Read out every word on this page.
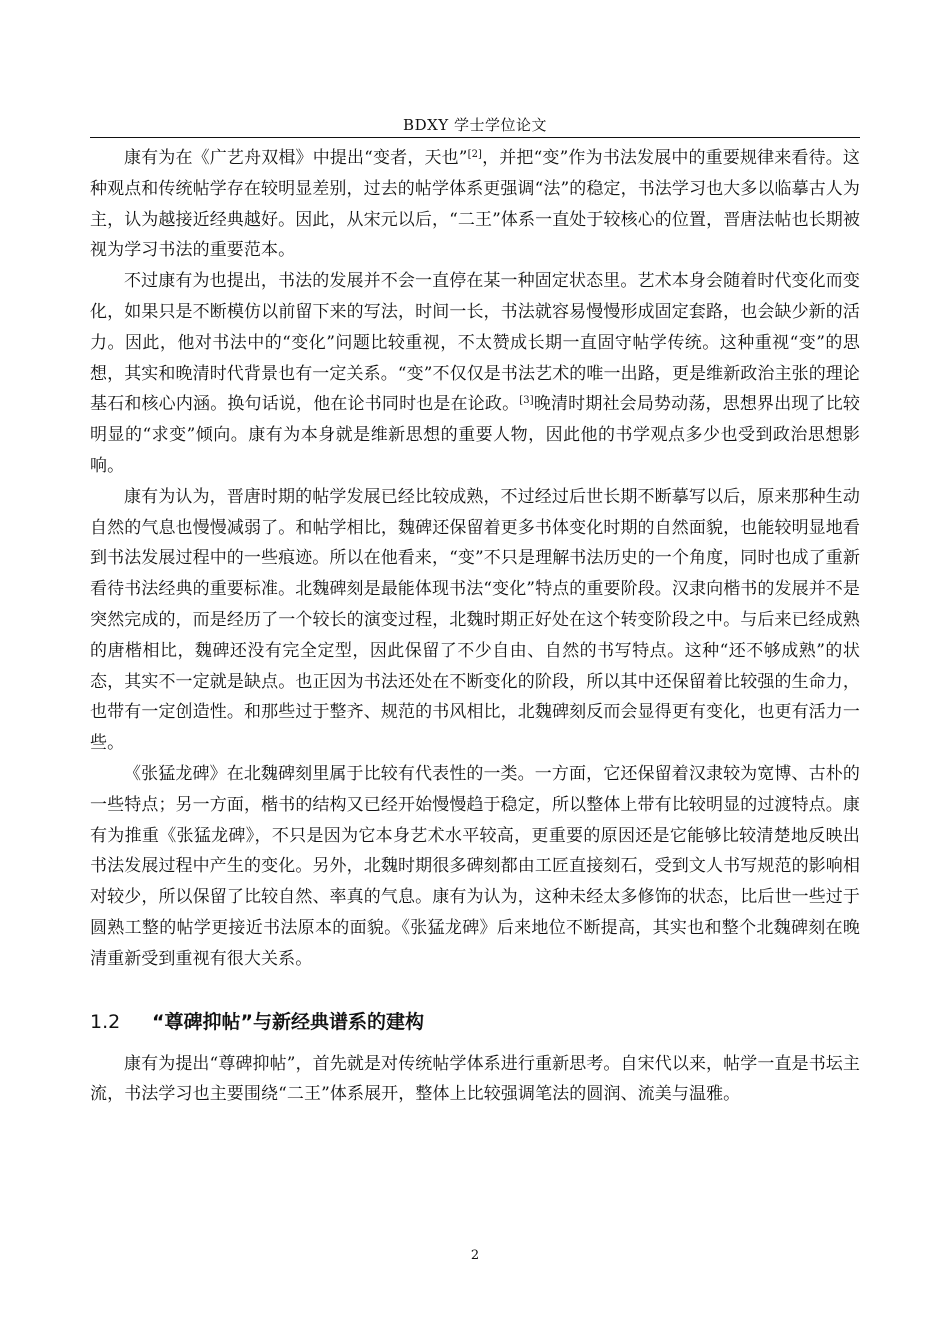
BDXY 学士学位论文

康有为在《广艺舟双楫》中提出“变者，天也”[2]，并把“变”作为书法发展中的重要规律来看待。这种观点和传统帖学存在较明显差别，过去的帖学体系更强调“法”的稳定，书法学习也大多以临摹古人为主，认为越接近经典越好。因此，从宋元以后，“二王”体系一直处于较核心的位置，晋唐法帖也长期被视为学习书法的重要范本。

不过康有为也提出，书法的发展并不会一直停在某一种固定状态里。艺术本身会随着时代变化而变化，如果只是不断模仿以前留下来的写法，时间一长，书法就容易慢慢形成固定套路，也会缺少新的活力。因此，他对书法中的“变化”问题比较重视，不太赞成长期一直固守帖学传统。这种重视“变”的思想，其实和晚清时代背景也有一定关系。“变”不仅仅是书法艺术的唯一出路，更是维新政治主张的理论基石和核心内涵。换句话说，他在论书同时也是在论政。[3]晚清时期社会局势动荡，思想界出现了比较明显的“求变”倾向。康有为本身就是维新思想的重要人物，因此他的书学观点多少也受到政治思想影响。

康有为认为，晋唐时期的帖学发展已经比较成熟，不过经过后世长期不断摹写以后，原来那种生动自然的气息也慢慢减弱了。和帖学相比，魏碑还保留着更多书体变化时期的自然面貌，也能较明显地看到书法发展过程中的一些痕迹。所以在他看来，“变”不只是理解书法历史的一个角度，同时也成了重新看待书法经典的重要标准。北魏碑刻是最能体现书法“变化”特点的重要阶段。汉隶向楷书的发展并不是突然完成的，而是经历了一个较长的演变过程，北魏时期正好处在这个转变阶段之中。与后来已经成熟的唐楷相比，魏碑还没有完全定型，因此保留了不少自由、自然的书写特点。这种“还不够成熟”的状态，其实不一定就是缺点。也正因为书法还处在不断变化的阶段，所以其中还保留着比较强的生命力，也带有一定创造性。和那些过于整齐、规范的书风相比，北魏碑刻反而会显得更有变化，也更有活力一些。

《张猛龙碑》在北魏碑刻里属于比较有代表性的一类。一方面，它还保留着汉隶较为宽博、古朴的一些特点；另一方面，楷书的结构又已经开始慢慢趋于稳定，所以整体上带有比较明显的过渡特点。康有为推重《张猛龙碑》，不只是因为它本身艺术水平较高，更重要的原因还是它能够比较清楚地反映出书法发展过程中产生的变化。另外，北魏时期很多碑刻都由工匠直接刻石，受到文人书写规范的影响相对较少，所以保留了比较自然、率真的气息。康有为认为，这种未经太多修饰的状态，比后世一些过于圆熟工整的帖学更接近书法原本的面貌。《张猛龙碑》后来地位不断提高，其实也和整个北魏碑刻在晚清重新受到重视有很大关系。

1.2 “尊碑抑帖”与新经典谱系的建构

康有为提出“尊碑抑帖”，首先就是对传统帖学体系进行重新思考。自宋代以来，帖学一直是书坛主流，书法学习也主要围绕“二王”体系展开，整体上比较强调笔法的圆润、流美与温雅。

2
